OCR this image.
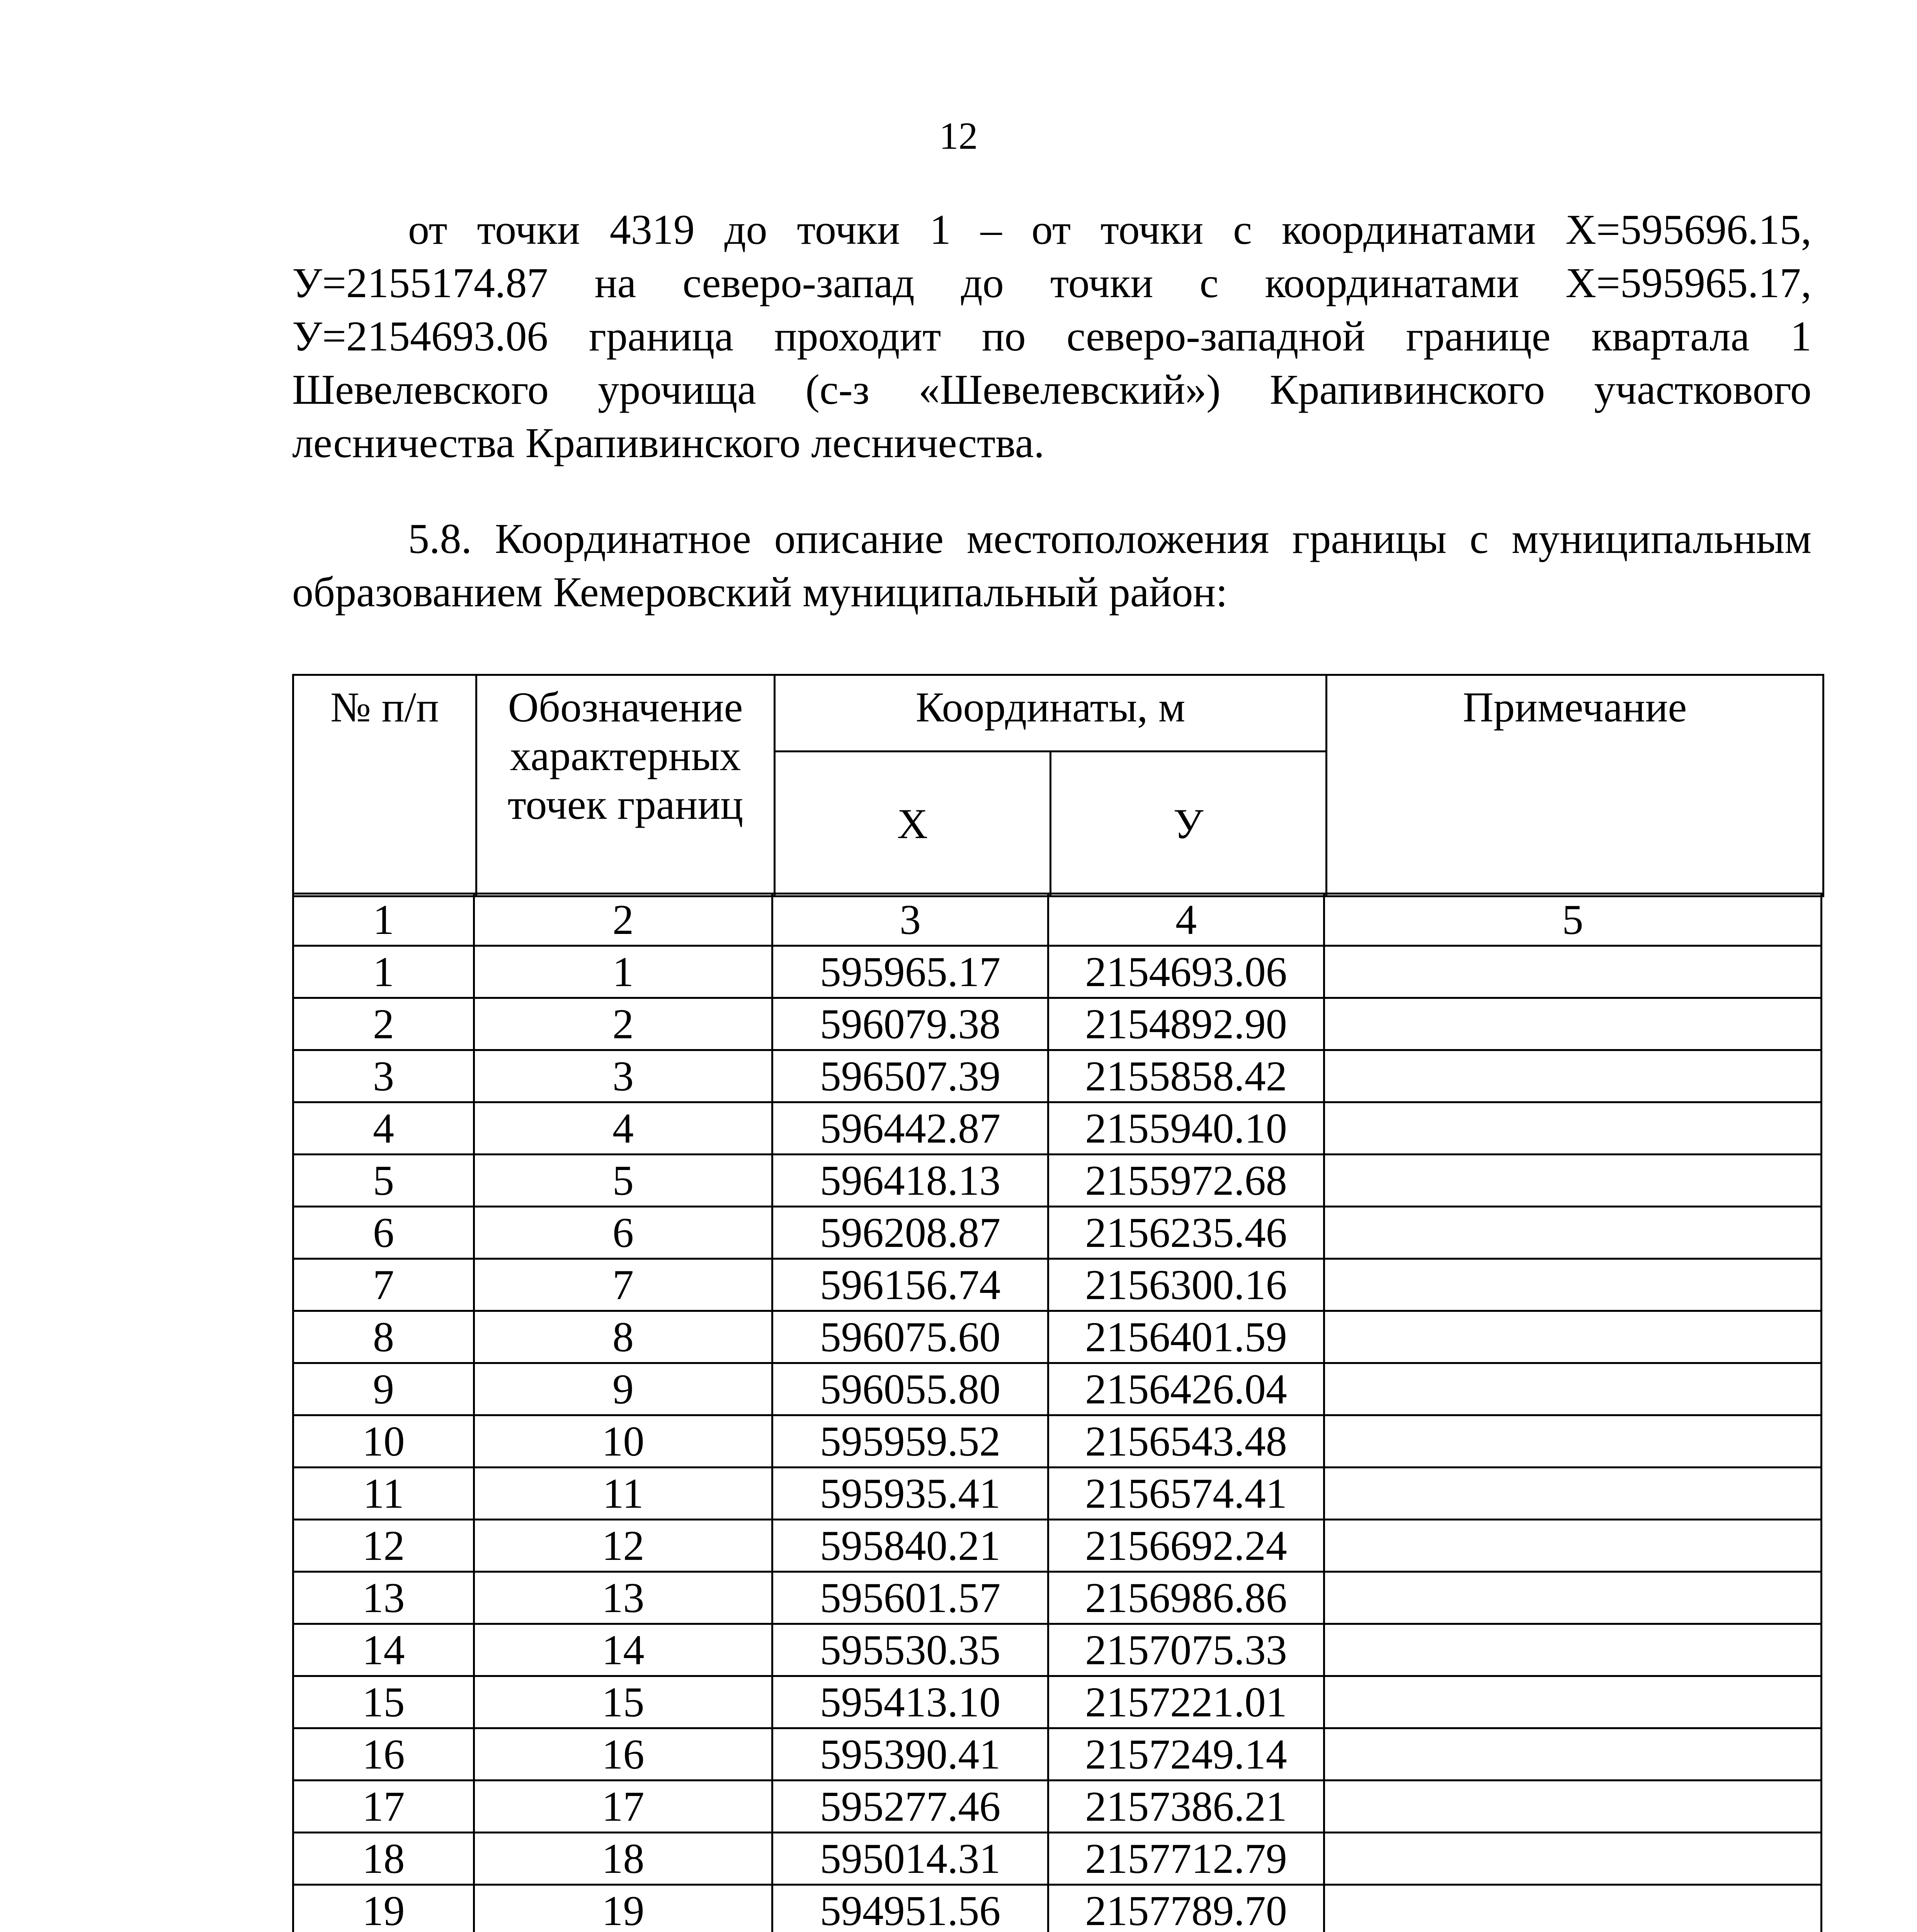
12

от точки 4319 до точки 1 – от точки с координатами Х=595696.15, У=2155174.87 на северо-запад до точки с координатами Х=595965.17, У=2154693.06 граница проходит по северо-западной границе квартала 1 Шевелевского урочища (с-з «Шевелевский») Крапивинского участкового лесничества Крапивинского лесничества.

5.8. Координатное описание местоположения границы с муниципальным образованием Кемеровский муниципальный район:

№ п/п	Обозначение характерных точек границ	Координаты, м		Примечание
		Х	У	
1	2	3	4	5
1	1	595965.17	2154693.06	
2	2	596079.38	2154892.90	
3	3	596507.39	2155858.42	
4	4	596442.87	2155940.10	
5	5	596418.13	2155972.68	
6	6	596208.87	2156235.46	
7	7	596156.74	2156300.16	
8	8	596075.60	2156401.59	
9	9	596055.80	2156426.04	
10	10	595959.52	2156543.48	
11	11	595935.41	2156574.41	
12	12	595840.21	2156692.24	
13	13	595601.57	2156986.86	
14	14	595530.35	2157075.33	
15	15	595413.10	2157221.01	
16	16	595390.41	2157249.14	
17	17	595277.46	2157386.21	
18	18	595014.31	2157712.79	
19	19	594951.56	2157789.70	
